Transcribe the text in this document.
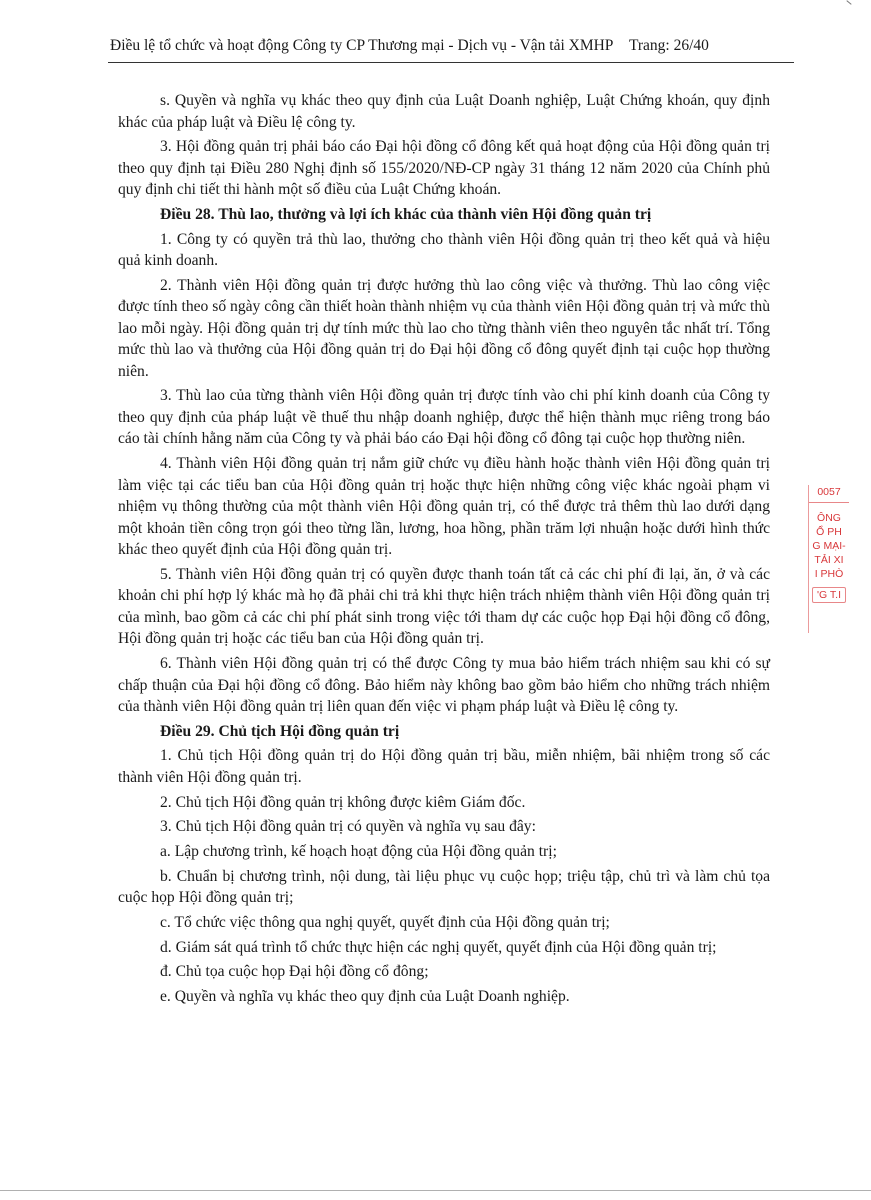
Điều lệ tổ chức và hoạt động Công ty CP Thương mại - Dịch vụ - Vận tải XMHP Trang: 26/40

s. Quyền và nghĩa vụ khác theo quy định của Luật Doanh nghiệp, Luật Chứng khoán, quy định khác của pháp luật và Điều lệ công ty.

3. Hội đồng quản trị phải báo cáo Đại hội đồng cổ đông kết quả hoạt động của Hội đồng quản trị theo quy định tại Điều 280 Nghị định số 155/2020/NĐ-CP ngày 31 tháng 12 năm 2020 của Chính phủ quy định chi tiết thi hành một số điều của Luật Chứng khoán.

Điều 28. Thù lao, thưởng và lợi ích khác của thành viên Hội đồng quản trị

1. Công ty có quyền trả thù lao, thưởng cho thành viên Hội đồng quản trị theo kết quả và hiệu quả kinh doanh.

2. Thành viên Hội đồng quản trị được hưởng thù lao công việc và thưởng. Thù lao công việc được tính theo số ngày công cần thiết hoàn thành nhiệm vụ của thành viên Hội đồng quản trị và mức thù lao mỗi ngày. Hội đồng quản trị dự tính mức thù lao cho từng thành viên theo nguyên tắc nhất trí. Tổng mức thù lao và thưởng của Hội đồng quản trị do Đại hội đồng cổ đông quyết định tại cuộc họp thường niên.

3. Thù lao của từng thành viên Hội đồng quản trị được tính vào chi phí kinh doanh của Công ty theo quy định của pháp luật về thuế thu nhập doanh nghiệp, được thể hiện thành mục riêng trong báo cáo tài chính hằng năm của Công ty và phải báo cáo Đại hội đồng cổ đông tại cuộc họp thường niên.

4. Thành viên Hội đồng quản trị nắm giữ chức vụ điều hành hoặc thành viên Hội đồng quản trị làm việc tại các tiểu ban của Hội đồng quản trị hoặc thực hiện những công việc khác ngoài phạm vi nhiệm vụ thông thường của một thành viên Hội đồng quản trị, có thể được trả thêm thù lao dưới dạng một khoản tiền công trọn gói theo từng lần, lương, hoa hồng, phần trăm lợi nhuận hoặc dưới hình thức khác theo quyết định của Hội đồng quản trị.

5. Thành viên Hội đồng quản trị có quyền được thanh toán tất cả các chi phí đi lại, ăn, ở và các khoản chi phí hợp lý khác mà họ đã phải chi trả khi thực hiện trách nhiệm thành viên Hội đồng quản trị của mình, bao gồm cả các chi phí phát sinh trong việc tới tham dự các cuộc họp Đại hội đồng cổ đông, Hội đồng quản trị hoặc các tiểu ban của Hội đồng quản trị.

6. Thành viên Hội đồng quản trị có thể được Công ty mua bảo hiểm trách nhiệm sau khi có sự chấp thuận của Đại hội đồng cổ đông. Bảo hiểm này không bao gồm bảo hiểm cho những trách nhiệm của thành viên Hội đồng quản trị liên quan đến việc vi phạm pháp luật và Điều lệ công ty.

Điều 29. Chủ tịch Hội đồng quản trị

1. Chủ tịch Hội đồng quản trị do Hội đồng quản trị bầu, miễn nhiệm, bãi nhiệm trong số các thành viên Hội đồng quản trị.

2. Chủ tịch Hội đồng quản trị không được kiêm Giám đốc.

3. Chủ tịch Hội đồng quản trị có quyền và nghĩa vụ sau đây:

a. Lập chương trình, kế hoạch hoạt động của Hội đồng quản trị;

b. Chuẩn bị chương trình, nội dung, tài liệu phục vụ cuộc họp; triệu tập, chủ trì và làm chủ tọa cuộc họp Hội đồng quản trị;

c. Tổ chức việc thông qua nghị quyết, quyết định của Hội đồng quản trị;

d. Giám sát quá trình tổ chức thực hiện các nghị quyết, quyết định của Hội đồng quản trị;

đ. Chủ tọa cuộc họp Đại hội đồng cổ đông;

e. Quyền và nghĩa vụ khác theo quy định của Luật Doanh nghiệp.

0057
ÔNG
Ổ PH
G MẠI-
TẢI XI
I PHÒ
'G T.I
